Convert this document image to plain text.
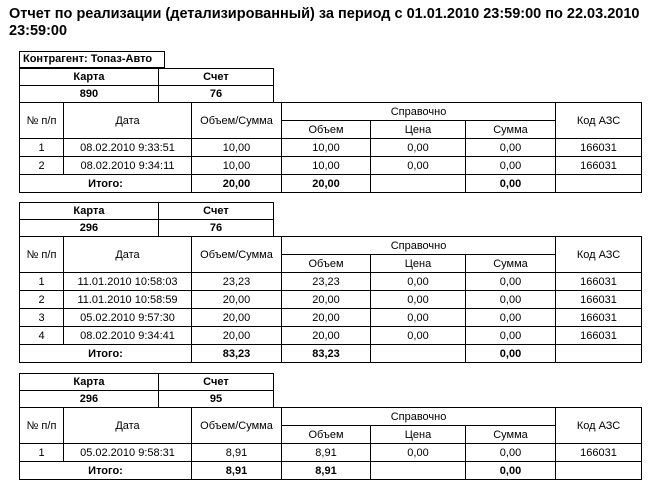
Отчет по реализации (детализированный) за период с 01.01.2010 23:59:00 по 22.03.2010 23:59:00
Контрагент: Топаз-Авто
Карта	Счет
890	76
№ п/п	Дата	Объем/Сумма	Справочно			Код АЗС
			Объем	Цена	Сумма	
1	08.02.2010 9:33:51	10,00	10,00	0,00	0,00	166031
2	08.02.2010 9:34:11	10,00	10,00	0,00	0,00	166031
Итого:		20,00	20,00		0,00	
Карта	Счет
296	76
№ п/п	Дата	Объем/Сумма	Справочно			Код АЗС
			Объем	Цена	Сумма	
1	11.01.2010 10:58:03	23,23	23,23	0,00	0,00	166031
2	11.01.2010 10:58:59	20,00	20,00	0,00	0,00	166031
3	05.02.2010 9:57:30	20,00	20,00	0,00	0,00	166031
4	08.02.2010 9:34:41	20,00	20,00	0,00	0,00	166031
Итого:		83,23	83,23		0,00	
Карта	Счет
296	95
№ п/п	Дата	Объем/Сумма	Справочно			Код АЗС
			Объем	Цена	Сумма	
1	05.02.2010 9:58:31	8,91	8,91	0,00	0,00	166031
Итого:		8,91	8,91		0,00	
